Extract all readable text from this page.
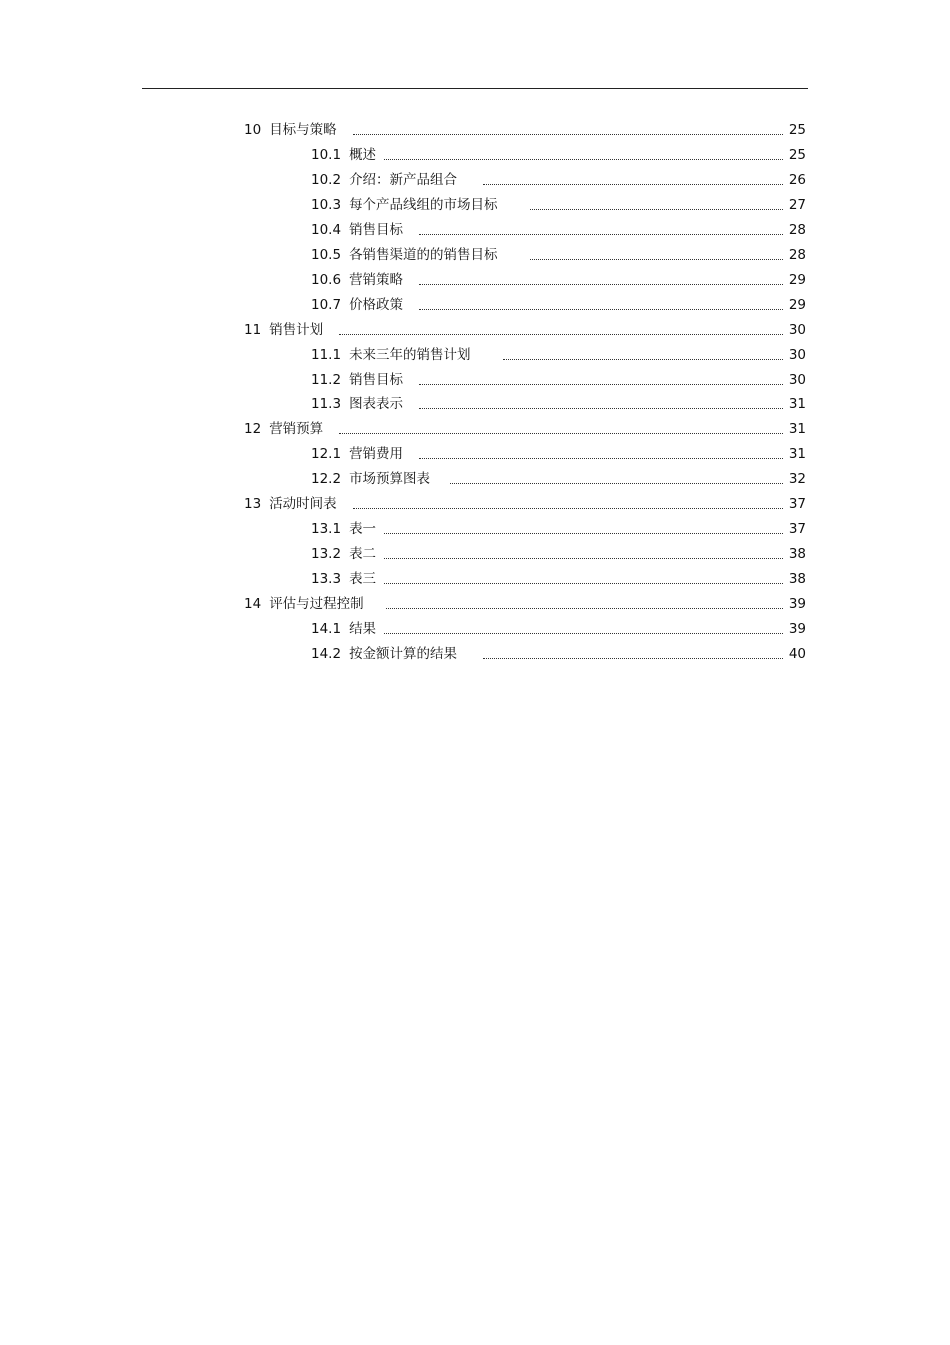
10 目标与策略	25
10.1 概述	25
10.2 介绍：新产品组合	26
10.3 每个产品线组的市场目标	27
10.4 销售目标	28
10.5 各销售渠道的的销售目标	28
10.6 营销策略	29
10.7 价格政策	29
11 销售计划	30
11.1 未来三年的销售计划	30
11.2 销售目标	30
11.3 图表表示	31
12 营销预算	31
12.1 营销费用	31
12.2 市场预算图表	32
13 活动时间表	37
13.1 表一	37
13.2 表二	38
13.3 表三	38
14 评估与过程控制	39
14.1 结果	39
14.2 按金额计算的结果	40
